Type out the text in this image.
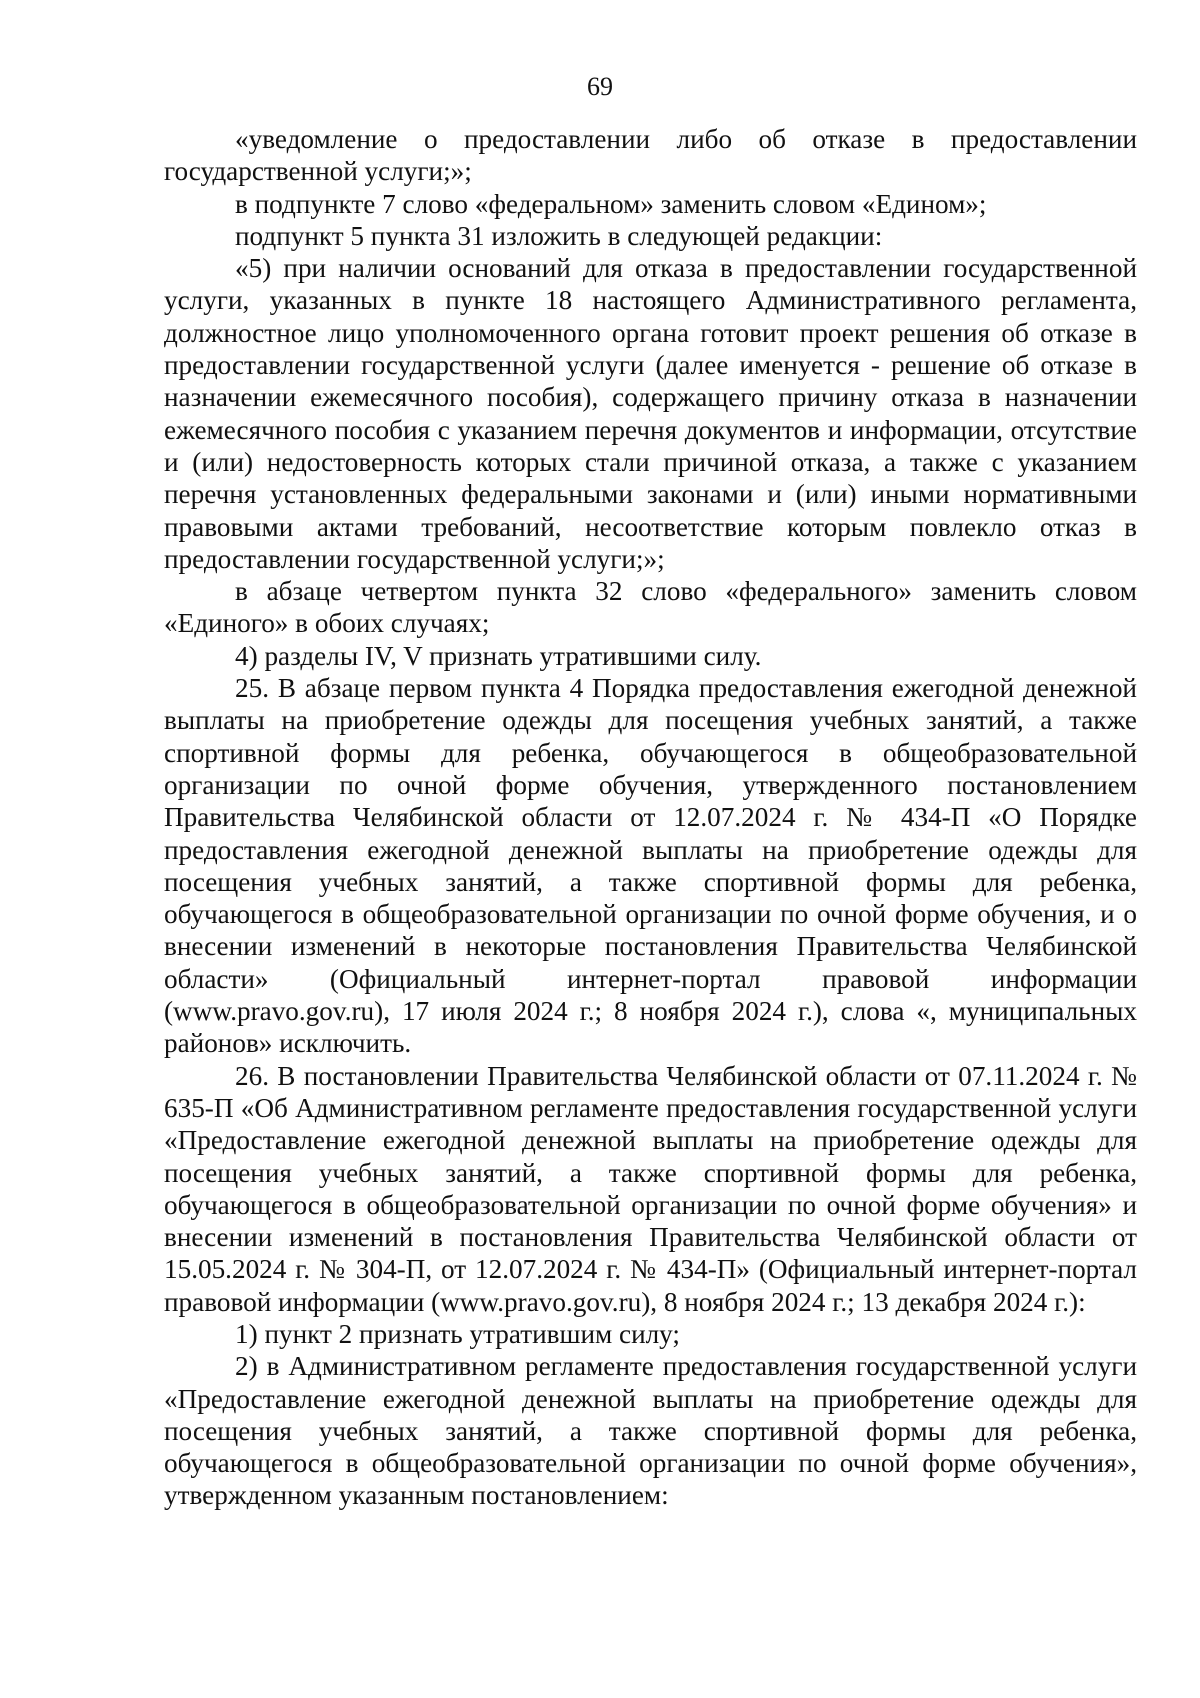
69

«уведомление о предоставлении либо об отказе в предоставлении государственной услуги;»;

в подпункте 7 слово «федеральном» заменить словом «Едином»;

подпункт 5 пункта 31 изложить в следующей редакции:

«5) при наличии оснований для отказа в предоставлении государственной услуги, указанных в пункте 18 настоящего Административного регламента, должностное лицо уполномоченного органа готовит проект решения об отказе в предоставлении государственной услуги (далее именуется - решение об отказе в назначении ежемесячного пособия), содержащего причину отказа в назначении ежемесячного пособия с указанием перечня документов и информации, отсутствие и (или) недостоверность которых стали причиной отказа, а также с указанием перечня установленных федеральными законами и (или) иными нормативными правовыми актами требований, несоответствие которым повлекло отказ в предоставлении государственной услуги;»;

в абзаце четвертом пункта 32 слово «федерального» заменить словом «Единого» в обоих случаях;

4) разделы IV, V признать утратившими силу.

25. В абзаце первом пункта 4 Порядка предоставления ежегодной денежной выплаты на приобретение одежды для посещения учебных занятий, а также спортивной формы для ребенка, обучающегося в общеобразовательной организации по очной форме обучения, утвержденного постановлением Правительства Челябинской области от 12.07.2024 г. № 434-П «О Порядке предоставления ежегодной денежной выплаты на приобретение одежды для посещения учебных занятий, а также спортивной формы для ребенка, обучающегося в общеобразовательной организации по очной форме обучения, и о внесении изменений в некоторые постановления Правительства Челябинской области» (Официальный интернет-портал правовой информации (www.pravo.gov.ru), 17 июля 2024 г.; 8 ноября 2024 г.), слова «, муниципальных районов» исключить.

26. В постановлении Правительства Челябинской области от 07.11.2024 г. № 635-П «Об Административном регламенте предоставления государственной услуги «Предоставление ежегодной денежной выплаты на приобретение одежды для посещения учебных занятий, а также спортивной формы для ребенка, обучающегося в общеобразовательной организации по очной форме обучения» и внесении изменений в постановления Правительства Челябинской области от 15.05.2024 г. № 304-П, от 12.07.2024 г. № 434-П» (Официальный интернет-портал правовой информации (www.pravo.gov.ru), 8 ноября 2024 г.; 13 декабря 2024 г.):

1) пункт 2 признать утратившим силу;

2) в Административном регламенте предоставления государственной услуги «Предоставление ежегодной денежной выплаты на приобретение одежды для посещения учебных занятий, а также спортивной формы для ребенка, обучающегося в общеобразовательной организации по очной форме обучения», утвержденном указанным постановлением:
